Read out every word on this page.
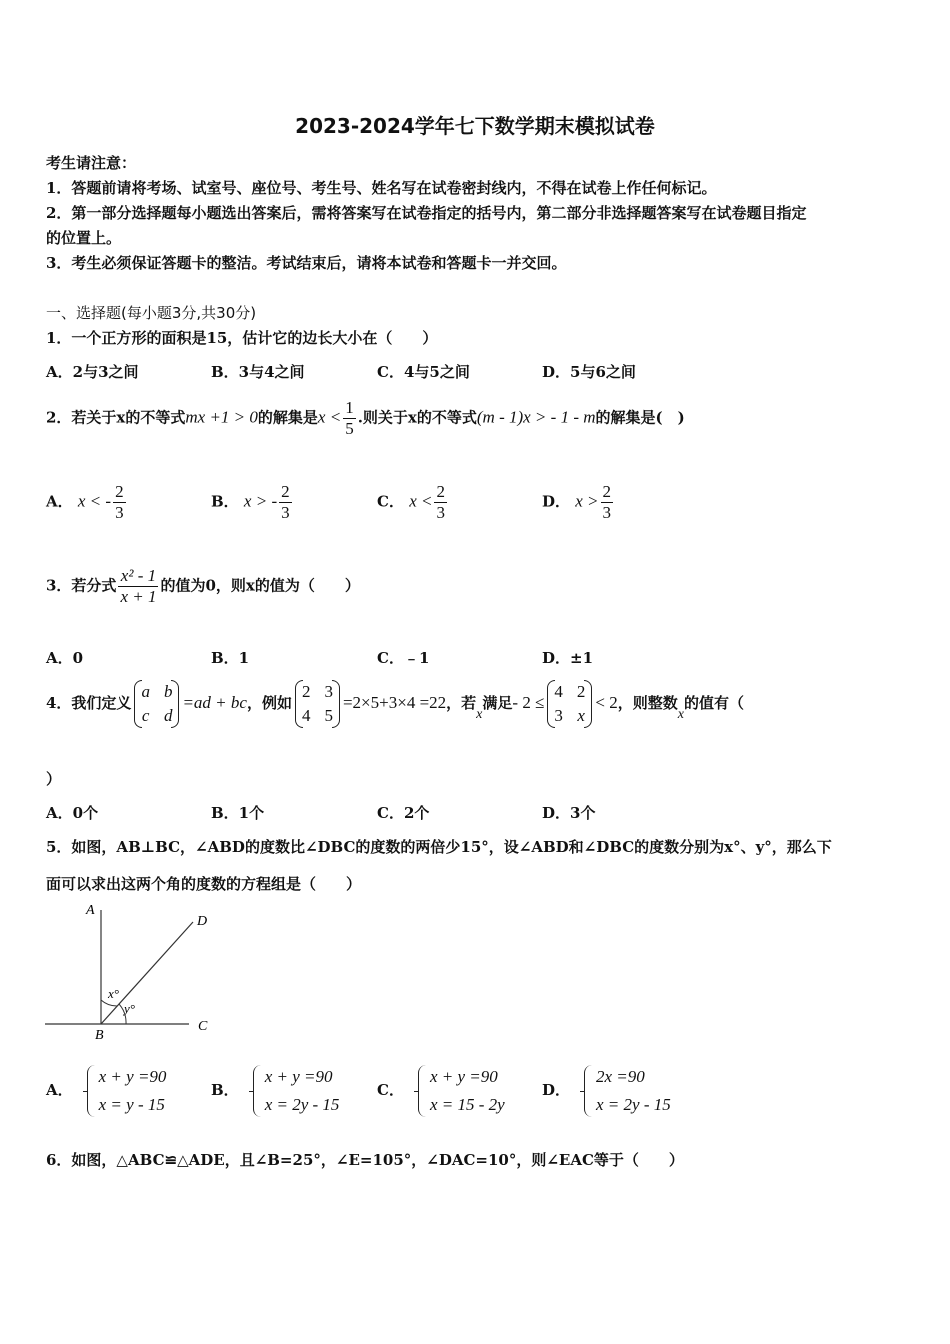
2023-2024学年七下数学期末模拟试卷
考生请注意：
1．答题前请将考场、试室号、座位号、考生号、姓名写在试卷密封线内，不得在试卷上作任何标记。
2．第一部分选择题每小题选出答案后，需将答案写在试卷指定的括号内，第二部分非选择题答案写在试卷题目指定
的位置上。
3．考生必须保证答题卡的整洁。考试结束后，请将本试卷和答题卡一并交回。
一、选择题(每小题3分,共30分)
1．一个正方形的面积是15，估计它的边长大小在（　　）
A．2与3之间	B．3与4之间	C．4与5之间	D．5与6之间
2．若关于x的不等式mx +1 > 0的解集是$x < \frac{1}{5}$ .则关于x的不等式(m - 1)x > - 1 - m的解集是(　)
A． x < - $\frac{2}{3}$	B． x > - $\frac{2}{3}$	C． $x < \frac{2}{3}$	D． $x > \frac{2}{3}$
3．若分式 $\frac{\text{x² - 1}}{x + 1}$ 的值为0，则x的值为（　　）
A．0	B．1	C．﹣1	D．±1
4．我们定义
a	b
c	d
=ad + bc，例如
2	3
4	5
=2×5+3×4 =22，若x满足- 2 ≤
4	2
3	x
< 2，则整数x的值有（
）
A．0个	B．1个	C．2个	D．3个
5．如图，AB⊥BC，∠ABD的度数比∠DBC的度数的两倍少15°，设∠ABD和∠DBC的度数分别为x°、y°，那么下
面可以求出这两个角的度数的方程组是（　　）
A
B
C
D
x°
y°
A．
x + y =90
x = y - 15
B．
x + y =90
x = 2y - 15
C．
x + y =90
x = 15 - 2y
D．
2x =90
x = 2y - 15
6．如图，△ABC≌△ADE，且∠B=25°，∠E=105°，∠DAC=10°，则∠EAC等于（　　）
